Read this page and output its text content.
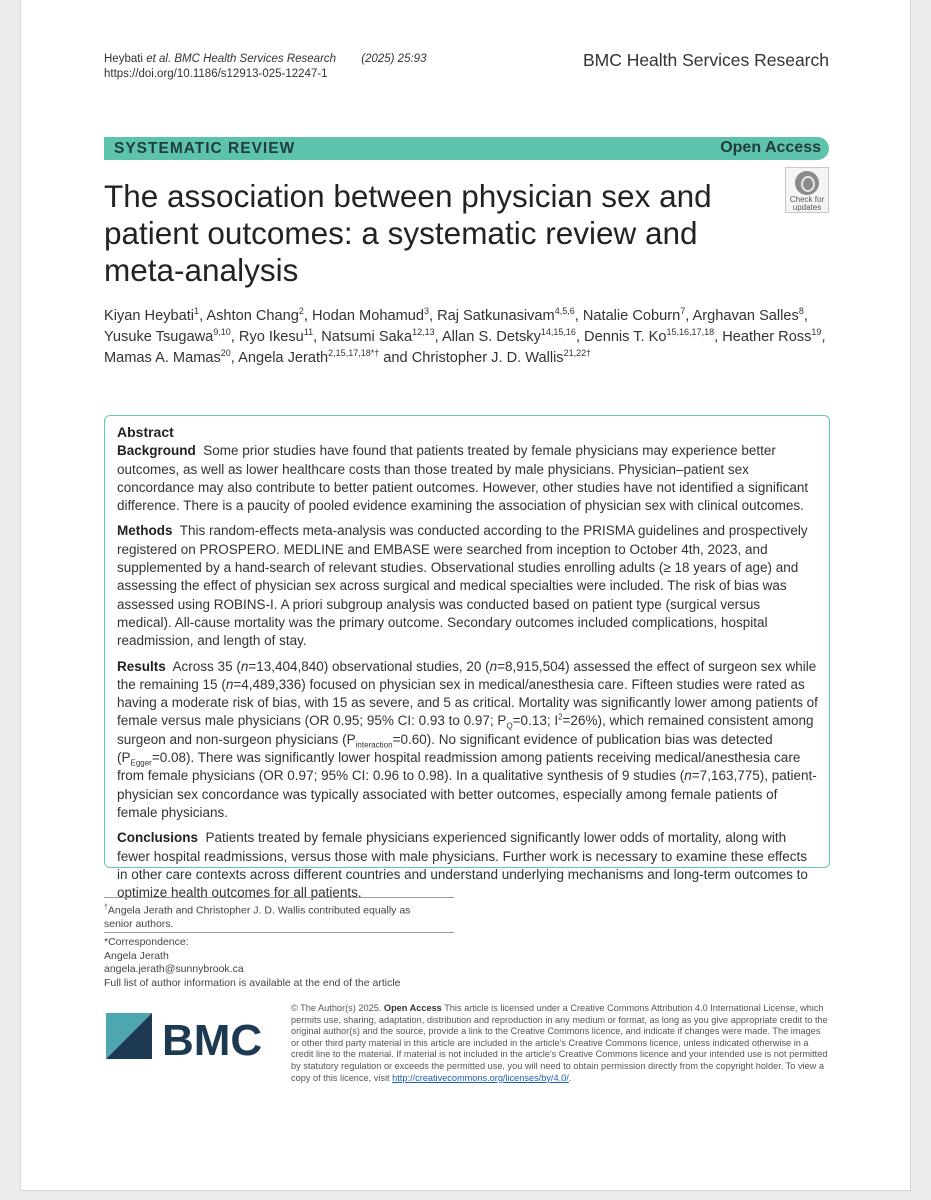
Heybati et al. BMC Health Services Research (2025) 25:93
https://doi.org/10.1186/s12913-025-12247-1
BMC Health Services Research
SYSTEMATIC REVIEW	Open Access
Check for
updates
The association between physician sex and patient outcomes: a systematic review and meta-analysis
Kiyan Heybati$^1$, Ashton Chang$^2$, Hodan Mohamud$^3$, Raj Satkunasivam$^{4,5,6}$, Natalie Coburn$^7$, Arghavan Salles$^8$, Yusuke Tsugawa$^{9,10}$, Ryo Ikesu$^{11}$, Natsumi Saka$^{12,13}$, Allan S. Detsky$^{14,15,16}$, Dennis T. Ko$^{15,16,17,18}$, Heather Ross$^{19}$, Mamas A. Mamas$^{20}$, Angela Jerath$^{2,15,17,18*\dagger}$ and Christopher J. D. Wallis$^{21,22\dagger}$
Abstract

Background Some prior studies have found that patients treated by female physicians may experience better outcomes, as well as lower healthcare costs than those treated by male physicians. Physician–patient sex concordance may also contribute to better patient outcomes. However, other studies have not identified a significant difference. There is a paucity of pooled evidence examining the association of physician sex with clinical outcomes.

Methods This random-effects meta-analysis was conducted according to the PRISMA guidelines and prospectively registered on PROSPERO. MEDLINE and EMBASE were searched from inception to October 4th, 2023, and supplemented by a hand-search of relevant studies. Observational studies enrolling adults (≥ 18 years of age) and assessing the effect of physician sex across surgical and medical specialties were included. The risk of bias was assessed using ROBINS-I. A priori subgroup analysis was conducted based on patient type (surgical versus medical). All-cause mortality was the primary outcome. Secondary outcomes included complications, hospital readmission, and length of stay.

Results Across 35 (n=13,404,840) observational studies, 20 (n=8,915,504) assessed the effect of surgeon sex while the remaining 15 (n=4,489,336) focused on physician sex in medical/anesthesia care. Fifteen studies were rated as having a moderate risk of bias, with 15 as severe, and 5 as critical. Mortality was significantly lower among patients of female versus male physicians (OR 0.95; 95% CI: 0.93 to 0.97; $P_Q=0.13$; $I^2=26\%$), which remained consistent among surgeon and non-surgeon physicians $(P_{interaction}=0.60)$. No significant evidence of publication bias was detected $(P_{Egger}=0.08)$. There was significantly lower hospital readmission among patients receiving medical/anesthesia care from female physicians (OR 0.97; 95% CI: 0.96 to 0.98). In a qualitative synthesis of 9 studies (n=7,163,775), patient-physician sex concordance was typically associated with better outcomes, especially among female patients of female physicians.

Conclusions Patients treated by female physicians experienced significantly lower odds of mortality, along with fewer hospital readmissions, versus those with male physicians. Further work is necessary to examine these effects in other care contexts across different countries and understand underlying mechanisms and long-term outcomes to optimize health outcomes for all patients.

†Angela Jerath and Christopher J. D. Wallis contributed equally as senior authors.
*Correspondence:
Angela Jerath
angela.jerath@sunnybrook.ca
Full list of author information is available at the end of the article
BMC
© The Author(s) 2025. Open Access This article is licensed under a Creative Commons Attribution 4.0 International License, which permits use, sharing, adaptation, distribution and reproduction in any medium or format, as long as you give appropriate credit to the original author(s) and the source, provide a link to the Creative Commons licence, and indicate if changes were made. The images or other third party material in this article are included in the article's Creative Commons licence, unless indicated otherwise in a credit line to the material. If material is not included in the article's Creative Commons licence and your intended use is not permitted by statutory regulation or exceeds the permitted use, you will need to obtain permission directly from the copyright holder. To view a copy of this licence, visit http://creativecommons.org/licenses/by/4.0/.
